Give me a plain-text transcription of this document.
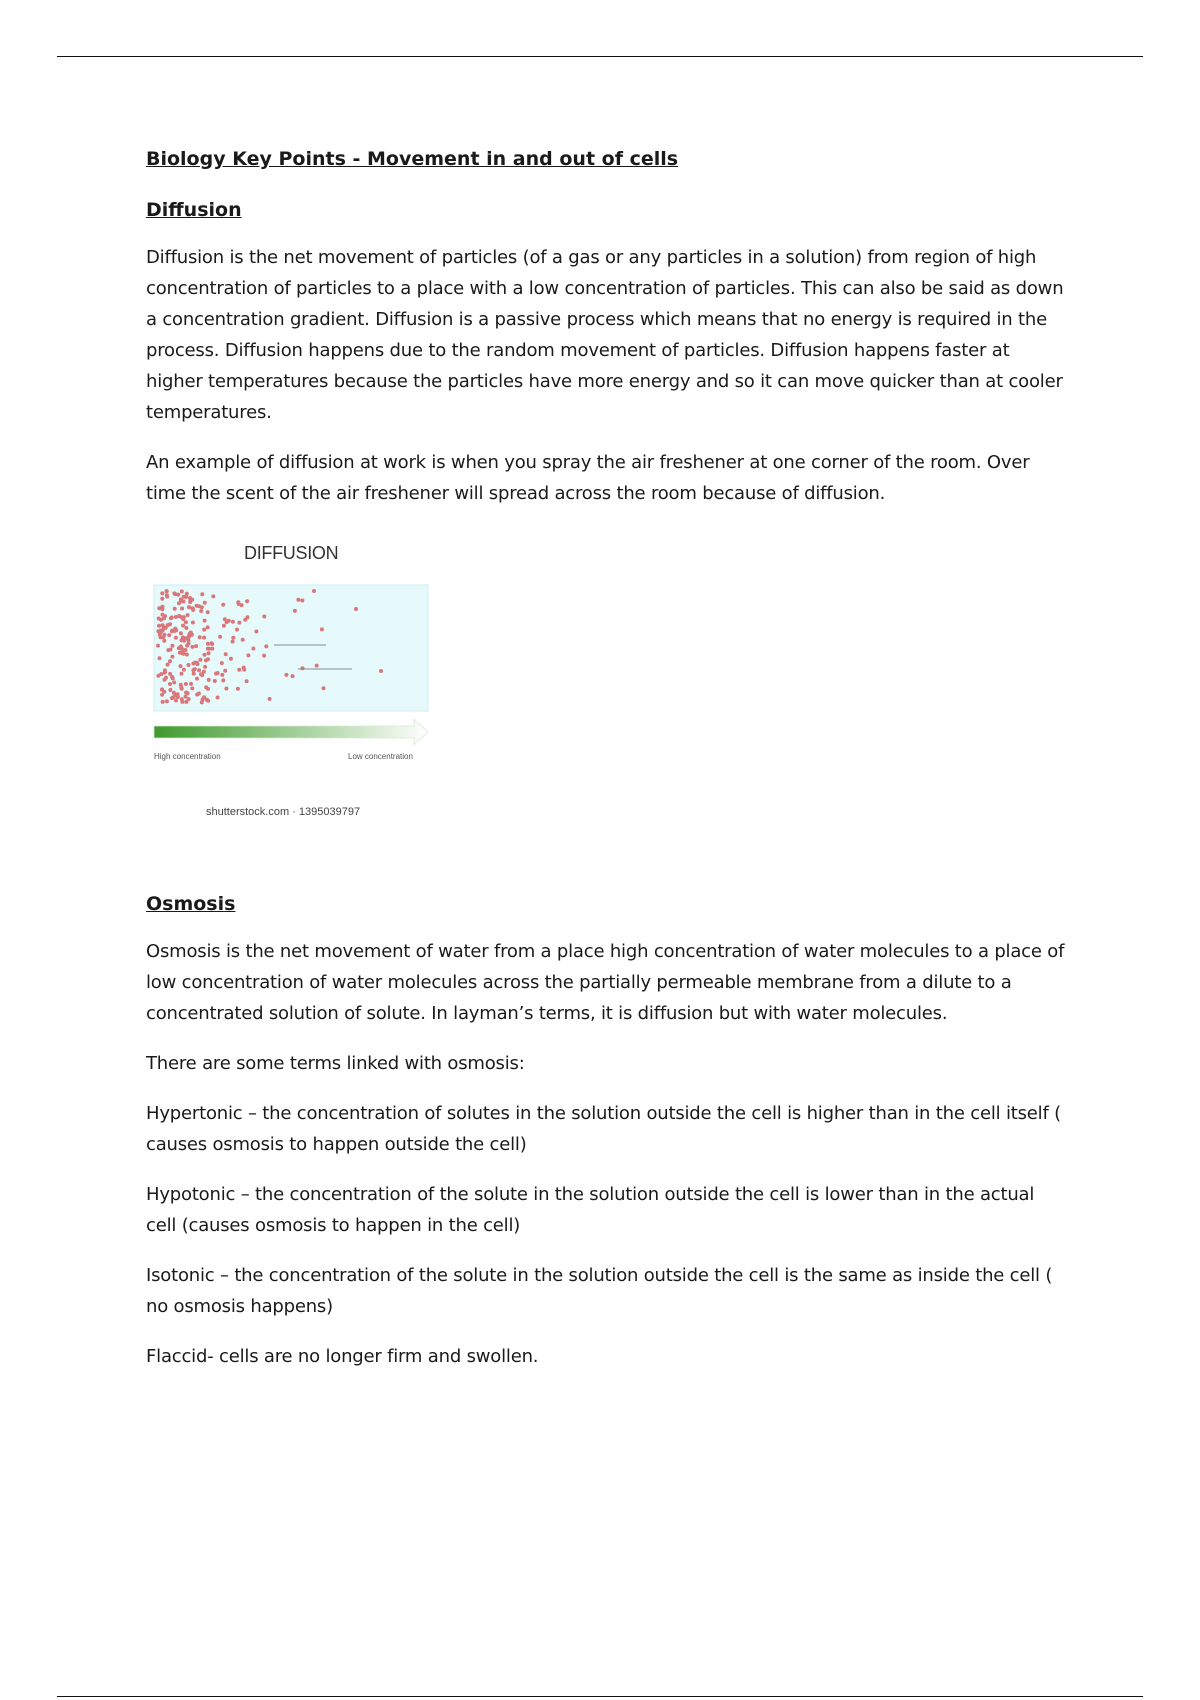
Biology Key Points - Movement in and out of cells
Diffusion

Diffusion is the net movement of particles (of a gas or any particles in a solution) from region of high concentration of particles to a place with a low concentration of particles. This can also be said as down a concentration gradient. Diffusion is a passive process which means that no energy is required in the process. Diffusion happens due to the random movement of particles. Diffusion happens faster at higher temperatures because the particles have more energy and so it can move quicker than at cooler temperatures.

An example of diffusion at work is when you spray the air freshener at one corner of the room. Over time the scent of the air freshener will spread across the room because of diffusion.

DIFFUSION
High concentration	Low concentration
shutterstock.com · 1395039797
Osmosis

Osmosis is the net movement of water from a place high concentration of water molecules to a place of low concentration of water molecules across the partially permeable membrane from a dilute to a concentrated solution of solute. In layman’s terms, it is diffusion but with water molecules.

There are some terms linked with osmosis:

Hypertonic – the concentration of solutes in the solution outside the cell is higher than in the cell itself ( causes osmosis to happen outside the cell)

Hypotonic – the concentration of the solute in the solution outside the cell is lower than in the actual cell (causes osmosis to happen in the cell)

Isotonic – the concentration of the solute in the solution outside the cell is the same as inside the cell ( no osmosis happens)

Flaccid- cells are no longer firm and swollen.
